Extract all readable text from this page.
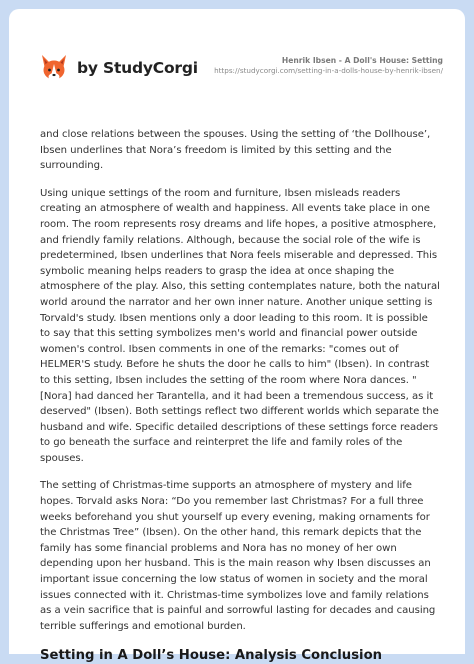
by StudyCorgi	Henrik Ibsen - A Doll's House: Setting
https://studycorgi.com/setting-in-a-dolls-house-by-henrik-ibsen/

and close relations between the spouses. Using the setting of ‘the Dollhouse’, Ibsen underlines that Nora’s freedom is limited by this setting and the surrounding.

Using unique settings of the room and furniture, Ibsen misleads readers creating an atmosphere of wealth and happiness. All events take place in one room. The room represents rosy dreams and life hopes, a positive atmosphere, and friendly family relations. Although, because the social role of the wife is predetermined, Ibsen underlines that Nora feels miserable and depressed. This symbolic meaning helps readers to grasp the idea at once shaping the atmosphere of the play. Also, this setting contemplates nature, both the natural world around the narrator and her own inner nature. Another unique setting is Torvald's study. Ibsen mentions only a door leading to this room. It is possible to say that this setting symbolizes men's world and financial power outside women's control. Ibsen comments in one of the remarks: "comes out of HELMER'S study. Before he shuts the door he calls to him" (Ibsen). In contrast to this setting, Ibsen includes the setting of the room where Nora dances. "[Nora] had danced her Tarantella, and it had been a tremendous success, as it deserved" (Ibsen). Both settings reflect two different worlds which separate the husband and wife. Specific detailed descriptions of these settings force readers to go beneath the surface and reinterpret the life and family roles of the spouses.

The setting of Christmas-time supports an atmosphere of mystery and life hopes. Torvald asks Nora: “Do you remember last Christmas? For a full three weeks beforehand you shut yourself up every evening, making ornaments for the Christmas Tree” (Ibsen). On the other hand, this remark depicts that the family has some financial problems and Nora has no money of her own depending upon her husband. This is the main reason why Ibsen discusses an important issue concerning the low status of women in society and the moral issues connected with it. Christmas-time symbolizes love and family relations as a vein sacrifice that is painful and sorrowful lasting for decades and causing terrible sufferings and emotional burden.

Setting in A Doll’s House: Analysis Conclusion
